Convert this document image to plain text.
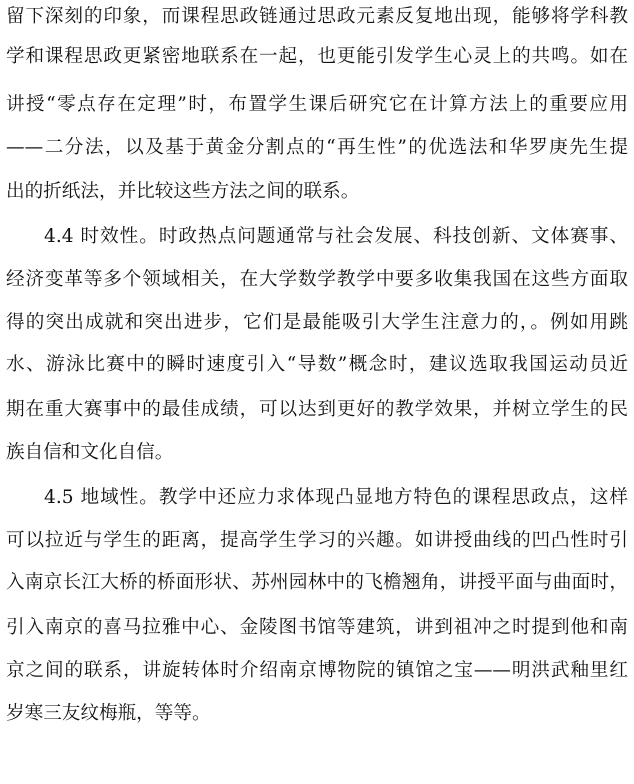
留下深刻的印象，而课程思政链通过思政元素反复地出现，能够将学科教
学和课程思政更紧密地联系在一起，也更能引发学生心灵上的共鸣。如在
讲授“零点存在定理”时，布置学生课后研究它在计算方法上的重要应用
——二分法，以及基于黄金分割点的“再生性”的优选法和华罗庚先生提
出的折纸法，并比较这些方法之间的联系。
4.4 时效性。时政热点问题通常与社会发展、科技创新、文体赛事、
经济变革等多个领域相关，在大学数学教学中要多收集我国在这些方面取
得的突出成就和突出进步，它们是最能吸引大学生注意力的，。例如用跳
水、游泳比赛中的瞬时速度引入“导数”概念时，建议选取我国运动员近
期在重大赛事中的最佳成绩，可以达到更好的教学效果，并树立学生的民
族自信和文化自信。
4.5 地域性。教学中还应力求体现凸显地方特色的课程思政点，这样
可以拉近与学生的距离，提高学生学习的兴趣。如讲授曲线的凹凸性时引
入南京长江大桥的桥面形状、苏州园林中的飞檐翘角，讲授平面与曲面时，
引入南京的喜马拉雅中心、金陵图书馆等建筑，讲到祖冲之时提到他和南
京之间的联系，讲旋转体时介绍南京博物院的镇馆之宝——明洪武釉里红
岁寒三友纹梅瓶，等等。
